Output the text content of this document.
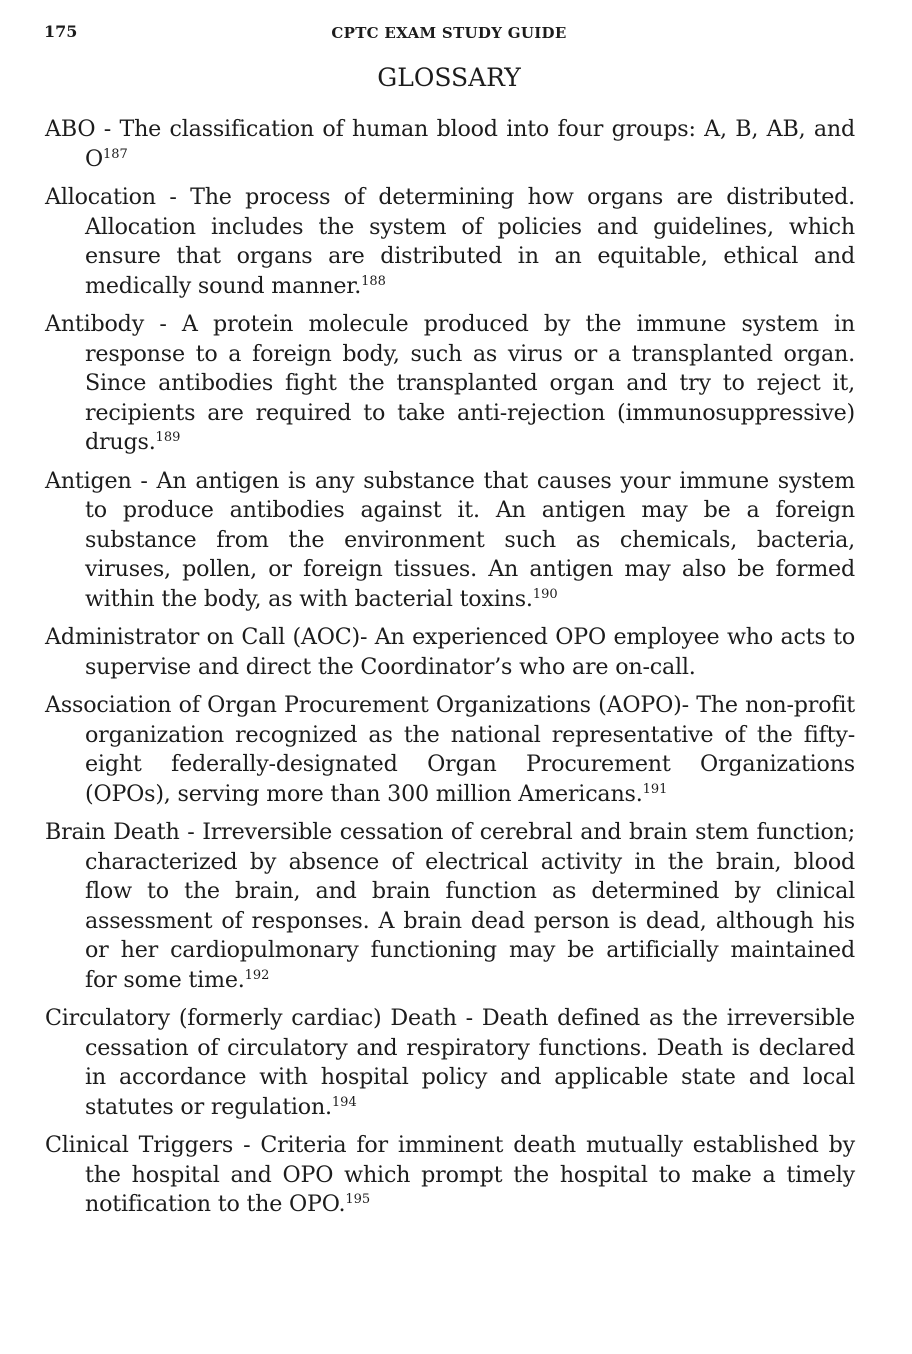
175	CPTC EXAM STUDY GUIDE
GLOSSARY

ABO - The classification of human blood into four groups: A, B, AB, and $O^{187}$

Allocation - The process of determining how organs are distributed. Allocation includes the system of policies and guidelines, which ensure that organs are distributed in an equitable, ethical and medically sound manner.$^{188}$

Antibody - A protein molecule produced by the immune system in response to a foreign body, such as virus or a transplanted organ. Since antibodies fight the transplanted organ and try to reject it, recipients are required to take anti-rejection (immunosuppressive) drugs.$^{189}$

Antigen - An antigen is any substance that causes your immune system to produce antibodies against it. An antigen may be a foreign substance from the environment such as chemicals, bacteria, viruses, pollen, or foreign tissues. An antigen may also be formed within the body, as with bacterial toxins.$^{190}$

Administrator on Call (AOC)- An experienced OPO employee who acts to supervise and direct the Coordinator’s who are on-call.

Association of Organ Procurement Organizations (AOPO)- The non-profit organization recognized as the national representative of the fifty-eight federally-designated Organ Procurement Organizations (OPOs), serving more than 300 million Americans.$^{191}$

Brain Death - Irreversible cessation of cerebral and brain stem function; characterized by absence of electrical activity in the brain, blood flow to the brain, and brain function as determined by clinical assessment of responses. A brain dead person is dead, although his or her cardiopulmonary functioning may be artificially maintained for some time.$^{192}$

Circulatory (formerly cardiac) Death - Death defined as the irreversible cessation of circulatory and respiratory functions. Death is declared in accordance with hospital policy and applicable state and local statutes or regulation.$^{194}$

Clinical Triggers - Criteria for imminent death mutually established by the hospital and OPO which prompt the hospital to make a timely notification to the OPO.$^{195}$
